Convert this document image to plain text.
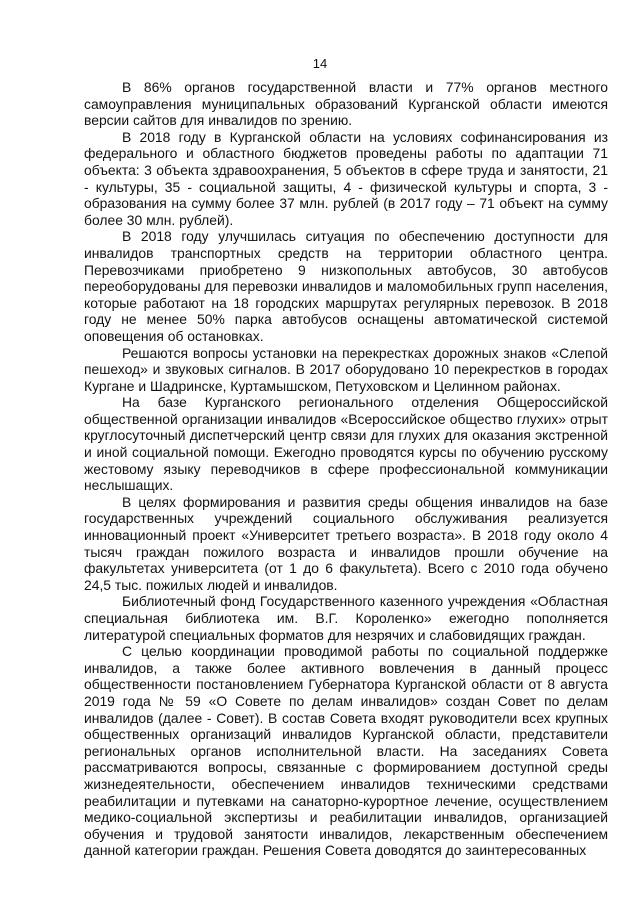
14

В 86% органов государственной власти и 77% органов местного самоуправления муниципальных образований Курганской области имеются версии сайтов для инвалидов по зрению.

В 2018 году в Курганской области на условиях софинансирования из федерального и областного бюджетов проведены работы по адаптации 71 объекта: 3 объекта здравоохранения, 5 объектов в сфере труда и занятости, 21 - культуры, 35 - социальной защиты, 4 - физической культуры и спорта, 3 - образования на сумму более 37 млн. рублей (в 2017 году – 71 объект на сумму более 30 млн. рублей).

В 2018 году улучшилась ситуация по обеспечению доступности для инвалидов транспортных средств на территории областного центра. Перевозчиками приобретено 9 низкопольных автобусов, 30 автобусов переоборудованы для перевозки инвалидов и маломобильных групп населения, которые работают на 18 городских маршрутах регулярных перевозок. В 2018 году не менее 50% парка автобусов оснащены автоматической системой оповещения об остановках.

Решаются вопросы установки на перекрестках дорожных знаков «Слепой пешеход» и звуковых сигналов. В 2017 оборудовано 10 перекрестков в городах Кургане и Шадринске, Куртамышском, Петуховском и Целинном районах.

На базе Курганского регионального отделения Общероссийской общественной организации инвалидов «Всероссийское общество глухих» отрыт круглосуточный диспетчерский центр связи для глухих для оказания экстренной и иной социальной помощи. Ежегодно проводятся курсы по обучению русскому жестовому языку переводчиков в сфере профессиональной коммуникации неслышащих.

В целях формирования и развития среды общения инвалидов на базе государственных учреждений социального обслуживания реализуется инновационный проект «Университет третьего возраста». В 2018 году около 4 тысяч граждан пожилого возраста и инвалидов прошли обучение на факультетах университета (от 1 до 6 факультета). Всего с 2010 года обучено 24,5 тыс. пожилых людей и инвалидов.

Библиотечный фонд Государственного казенного учреждения «Областная специальная библиотека им. В.Г. Короленко» ежегодно пополняется литературой специальных форматов для незрячих и слабовидящих граждан.

С целью координации проводимой работы по социальной поддержке инвалидов, а также более активного вовлечения в данный процесс общественности постановлением Губернатора Курганской области от 8 августа 2019 года № 59 «О Совете по делам инвалидов» создан Совет по делам инвалидов (далее - Совет). В состав Совета входят руководители всех крупных общественных организаций инвалидов Курганской области, представители региональных органов исполнительной власти. На заседаниях Совета рассматриваются вопросы, связанные с формированием доступной среды жизнедеятельности, обеспечением инвалидов техническими средствами реабилитации и путевками на санаторно-курортное лечение, осуществлением медико-социальной экспертизы и реабилитации инвалидов, организацией обучения и трудовой занятости инвалидов, лекарственным обеспечением данной категории граждан. Решения Совета доводятся до заинтересованных
